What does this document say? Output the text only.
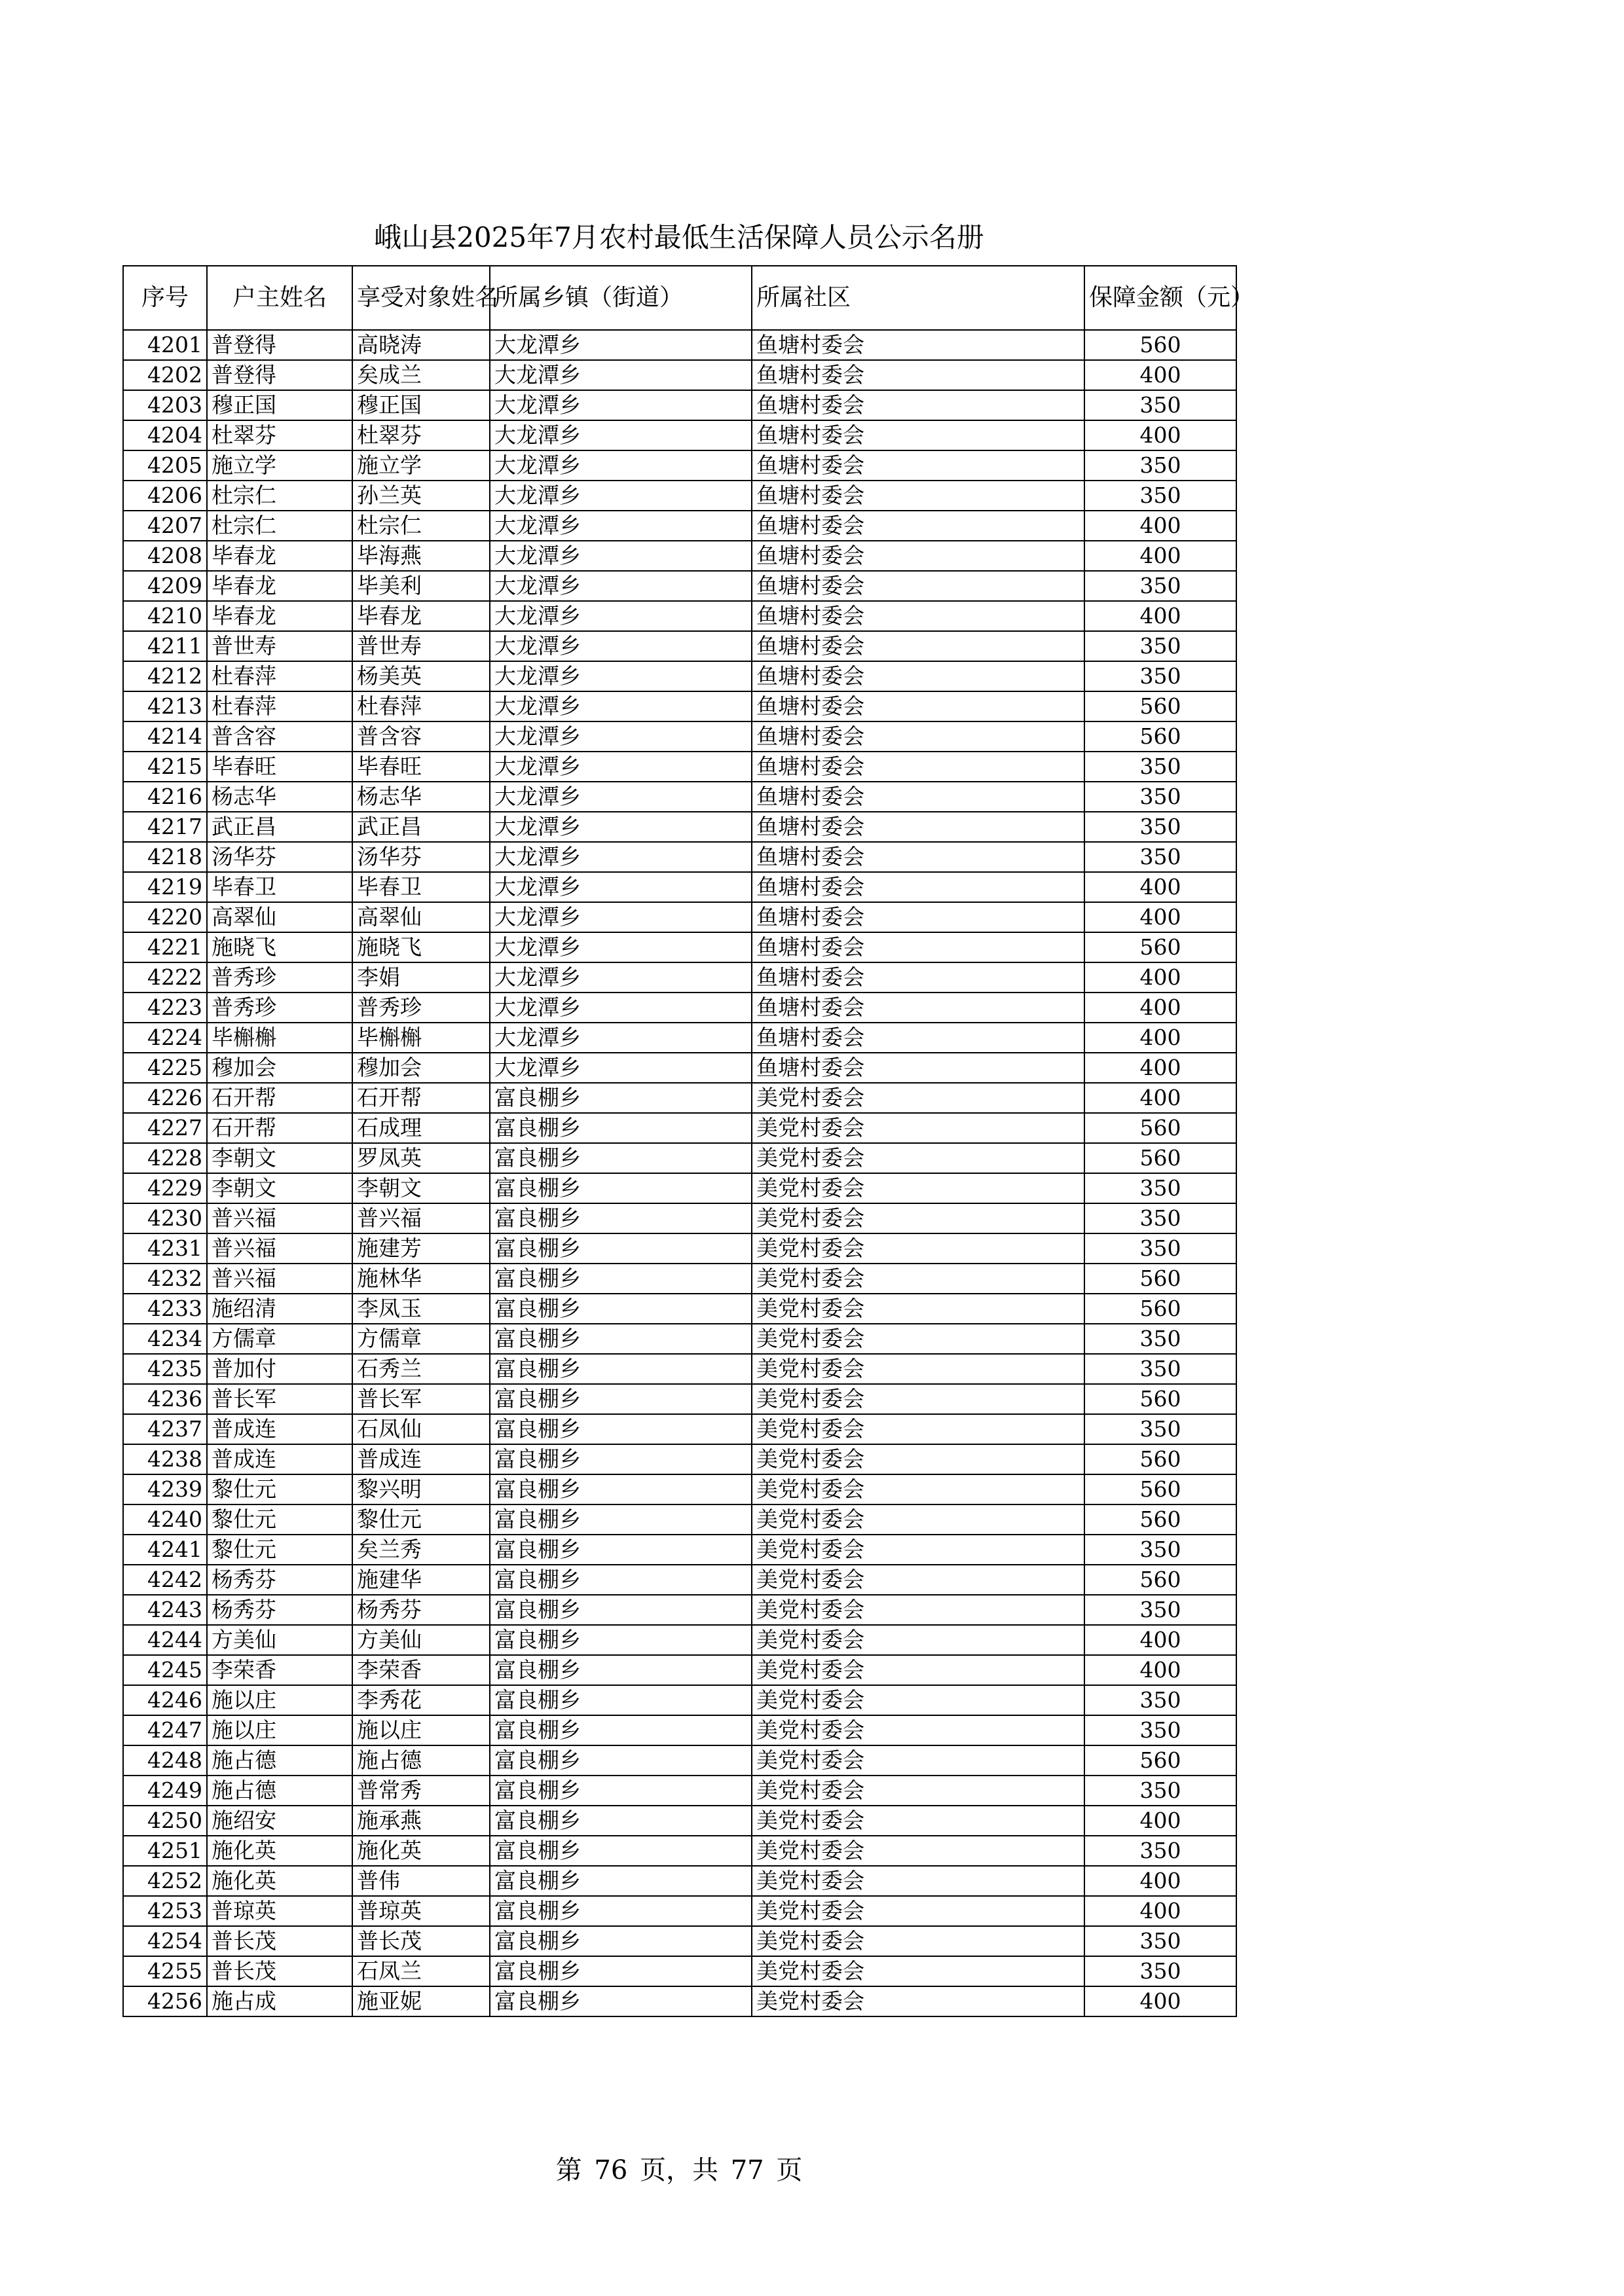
峨山县2025年7月农村最低生活保障人员公示名册
序号	户主姓名	享受对象姓名	所属乡镇（街道）	所属社区	保障金额（元）
4201	普登得	高晓涛	大龙潭乡	鱼塘村委会	560
4202	普登得	矣成兰	大龙潭乡	鱼塘村委会	400
4203	穆正国	穆正国	大龙潭乡	鱼塘村委会	350
4204	杜翠芬	杜翠芬	大龙潭乡	鱼塘村委会	400
4205	施立学	施立学	大龙潭乡	鱼塘村委会	350
4206	杜宗仁	孙兰英	大龙潭乡	鱼塘村委会	350
4207	杜宗仁	杜宗仁	大龙潭乡	鱼塘村委会	400
4208	毕春龙	毕海燕	大龙潭乡	鱼塘村委会	400
4209	毕春龙	毕美利	大龙潭乡	鱼塘村委会	350
4210	毕春龙	毕春龙	大龙潭乡	鱼塘村委会	400
4211	普世寿	普世寿	大龙潭乡	鱼塘村委会	350
4212	杜春萍	杨美英	大龙潭乡	鱼塘村委会	350
4213	杜春萍	杜春萍	大龙潭乡	鱼塘村委会	560
4214	普含容	普含容	大龙潭乡	鱼塘村委会	560
4215	毕春旺	毕春旺	大龙潭乡	鱼塘村委会	350
4216	杨志华	杨志华	大龙潭乡	鱼塘村委会	350
4217	武正昌	武正昌	大龙潭乡	鱼塘村委会	350
4218	汤华芬	汤华芬	大龙潭乡	鱼塘村委会	350
4219	毕春卫	毕春卫	大龙潭乡	鱼塘村委会	400
4220	高翠仙	高翠仙	大龙潭乡	鱼塘村委会	400
4221	施晓飞	施晓飞	大龙潭乡	鱼塘村委会	560
4222	普秀珍	李娟	大龙潭乡	鱼塘村委会	400
4223	普秀珍	普秀珍	大龙潭乡	鱼塘村委会	400
4224	毕槲槲	毕槲槲	大龙潭乡	鱼塘村委会	400
4225	穆加会	穆加会	大龙潭乡	鱼塘村委会	400
4226	石开帮	石开帮	富良棚乡	美党村委会	400
4227	石开帮	石成理	富良棚乡	美党村委会	560
4228	李朝文	罗凤英	富良棚乡	美党村委会	560
4229	李朝文	李朝文	富良棚乡	美党村委会	350
4230	普兴福	普兴福	富良棚乡	美党村委会	350
4231	普兴福	施建芳	富良棚乡	美党村委会	350
4232	普兴福	施林华	富良棚乡	美党村委会	560
4233	施绍清	李凤玉	富良棚乡	美党村委会	560
4234	方儒章	方儒章	富良棚乡	美党村委会	350
4235	普加付	石秀兰	富良棚乡	美党村委会	350
4236	普长军	普长军	富良棚乡	美党村委会	560
4237	普成连	石凤仙	富良棚乡	美党村委会	350
4238	普成连	普成连	富良棚乡	美党村委会	560
4239	黎仕元	黎兴明	富良棚乡	美党村委会	560
4240	黎仕元	黎仕元	富良棚乡	美党村委会	560
4241	黎仕元	矣兰秀	富良棚乡	美党村委会	350
4242	杨秀芬	施建华	富良棚乡	美党村委会	560
4243	杨秀芬	杨秀芬	富良棚乡	美党村委会	350
4244	方美仙	方美仙	富良棚乡	美党村委会	400
4245	李荣香	李荣香	富良棚乡	美党村委会	400
4246	施以庄	李秀花	富良棚乡	美党村委会	350
4247	施以庄	施以庄	富良棚乡	美党村委会	350
4248	施占德	施占德	富良棚乡	美党村委会	560
4249	施占德	普常秀	富良棚乡	美党村委会	350
4250	施绍安	施承燕	富良棚乡	美党村委会	400
4251	施化英	施化英	富良棚乡	美党村委会	350
4252	施化英	普伟	富良棚乡	美党村委会	400
4253	普琼英	普琼英	富良棚乡	美党村委会	400
4254	普长茂	普长茂	富良棚乡	美党村委会	350
4255	普长茂	石凤兰	富良棚乡	美党村委会	350
4256	施占成	施亚妮	富良棚乡	美党村委会	400
第 76 页，共 77 页
